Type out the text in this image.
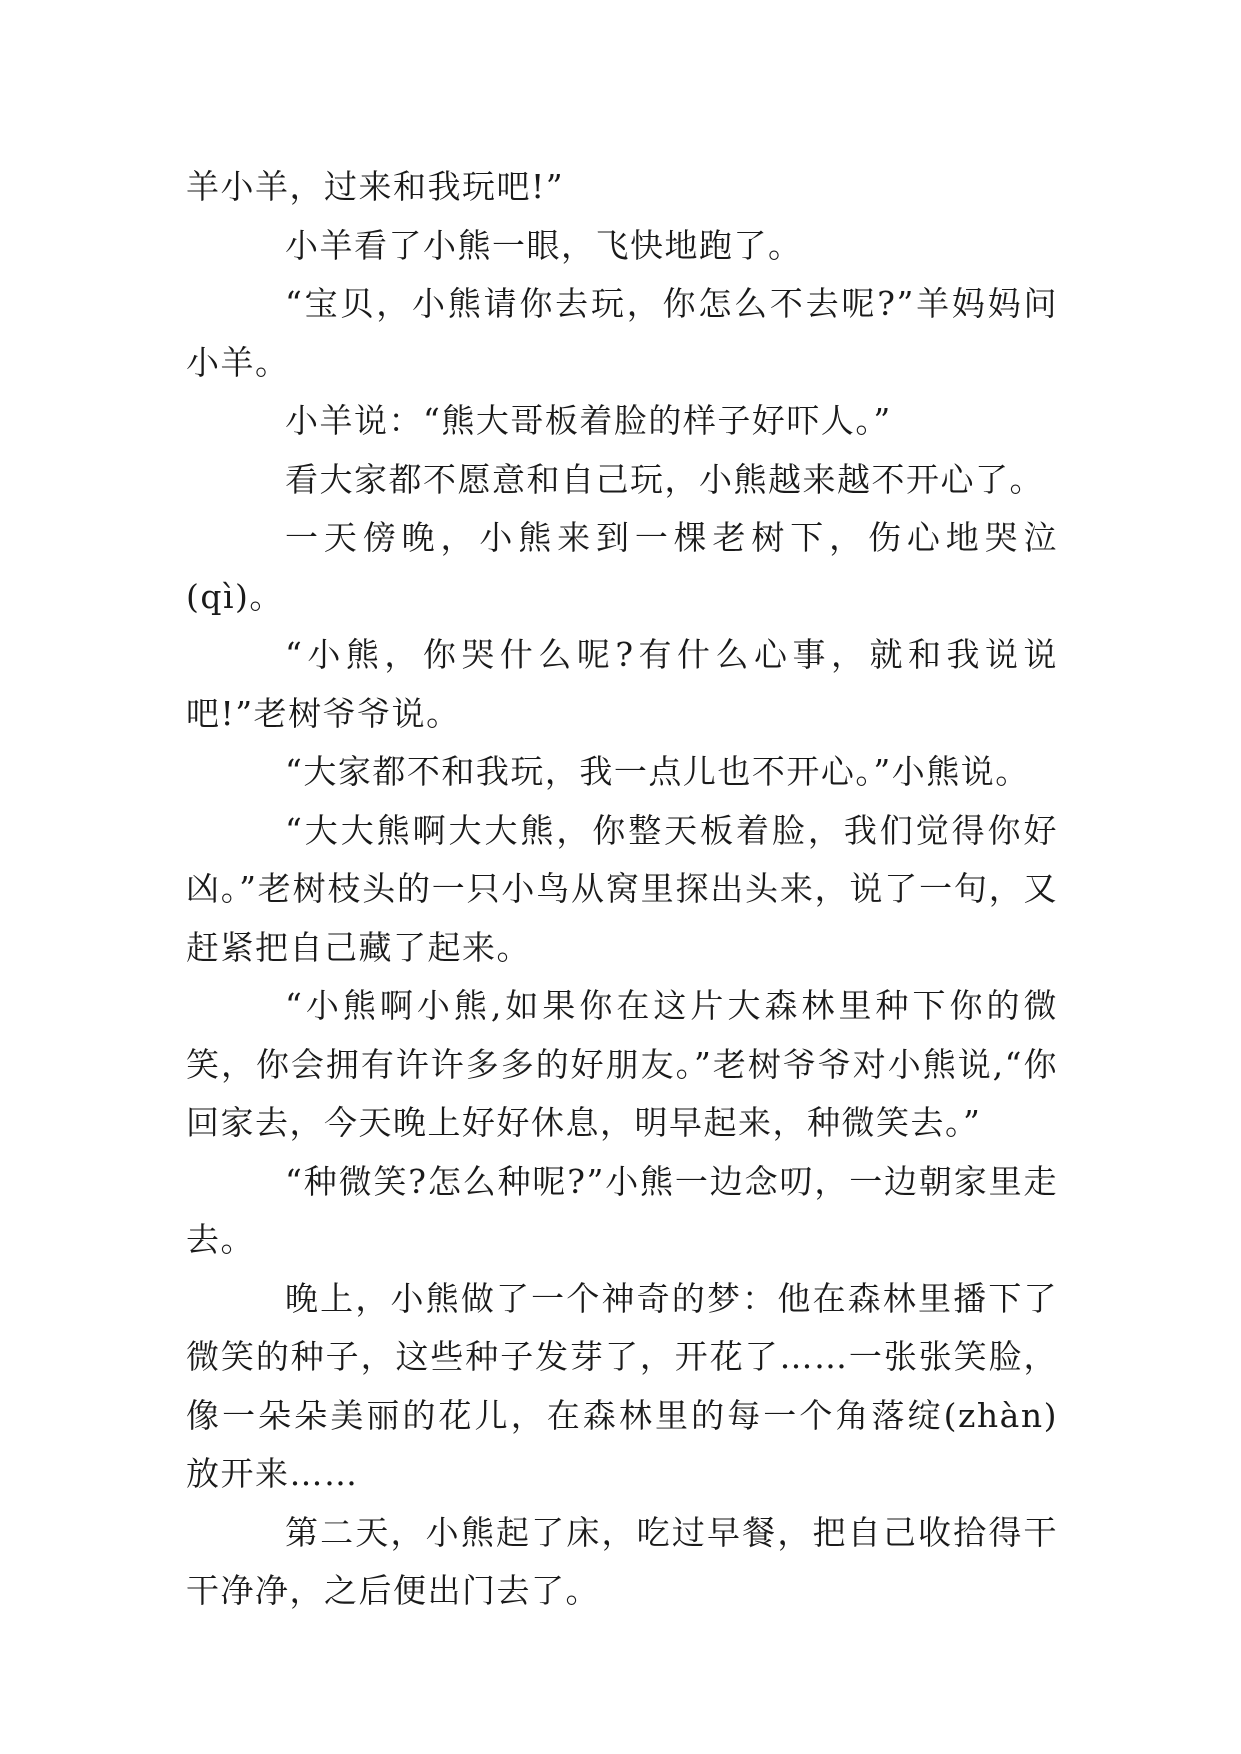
羊小羊，过来和我玩吧!”

小羊看了小熊一眼，飞快地跑了。

“宝贝，小熊请你去玩，你怎么不去呢?”羊妈妈问小羊。

小羊说：“熊大哥板着脸的样子好吓人。”

看大家都不愿意和自己玩，小熊越来越不开心了。

一天傍晚，小熊来到一棵老树下，伤心地哭泣(qì)。

“小熊，你哭什么呢?有什么心事，就和我说说吧!”老树爷爷说。

“大家都不和我玩，我一点儿也不开心。”小熊说。

“大大熊啊大大熊，你整天板着脸，我们觉得你好凶。”老树枝头的一只小鸟从窝里探出头来，说了一句，又赶紧把自己藏了起来。

“小熊啊小熊,如果你在这片大森林里种下你的微笑，你会拥有许许多多的好朋友。”老树爷爷对小熊说,“你回家去，今天晚上好好休息，明早起来，种微笑去。”

“种微笑?怎么种呢?”小熊一边念叨，一边朝家里走去。

晚上，小熊做了一个神奇的梦：他在森林里播下了微笑的种子，这些种子发芽了，开花了……一张张笑脸，像一朵朵美丽的花儿，在森林里的每一个角落绽(zhàn)放开来……

第二天，小熊起了床，吃过早餐，把自己收拾得干干净净，之后便出门去了。
